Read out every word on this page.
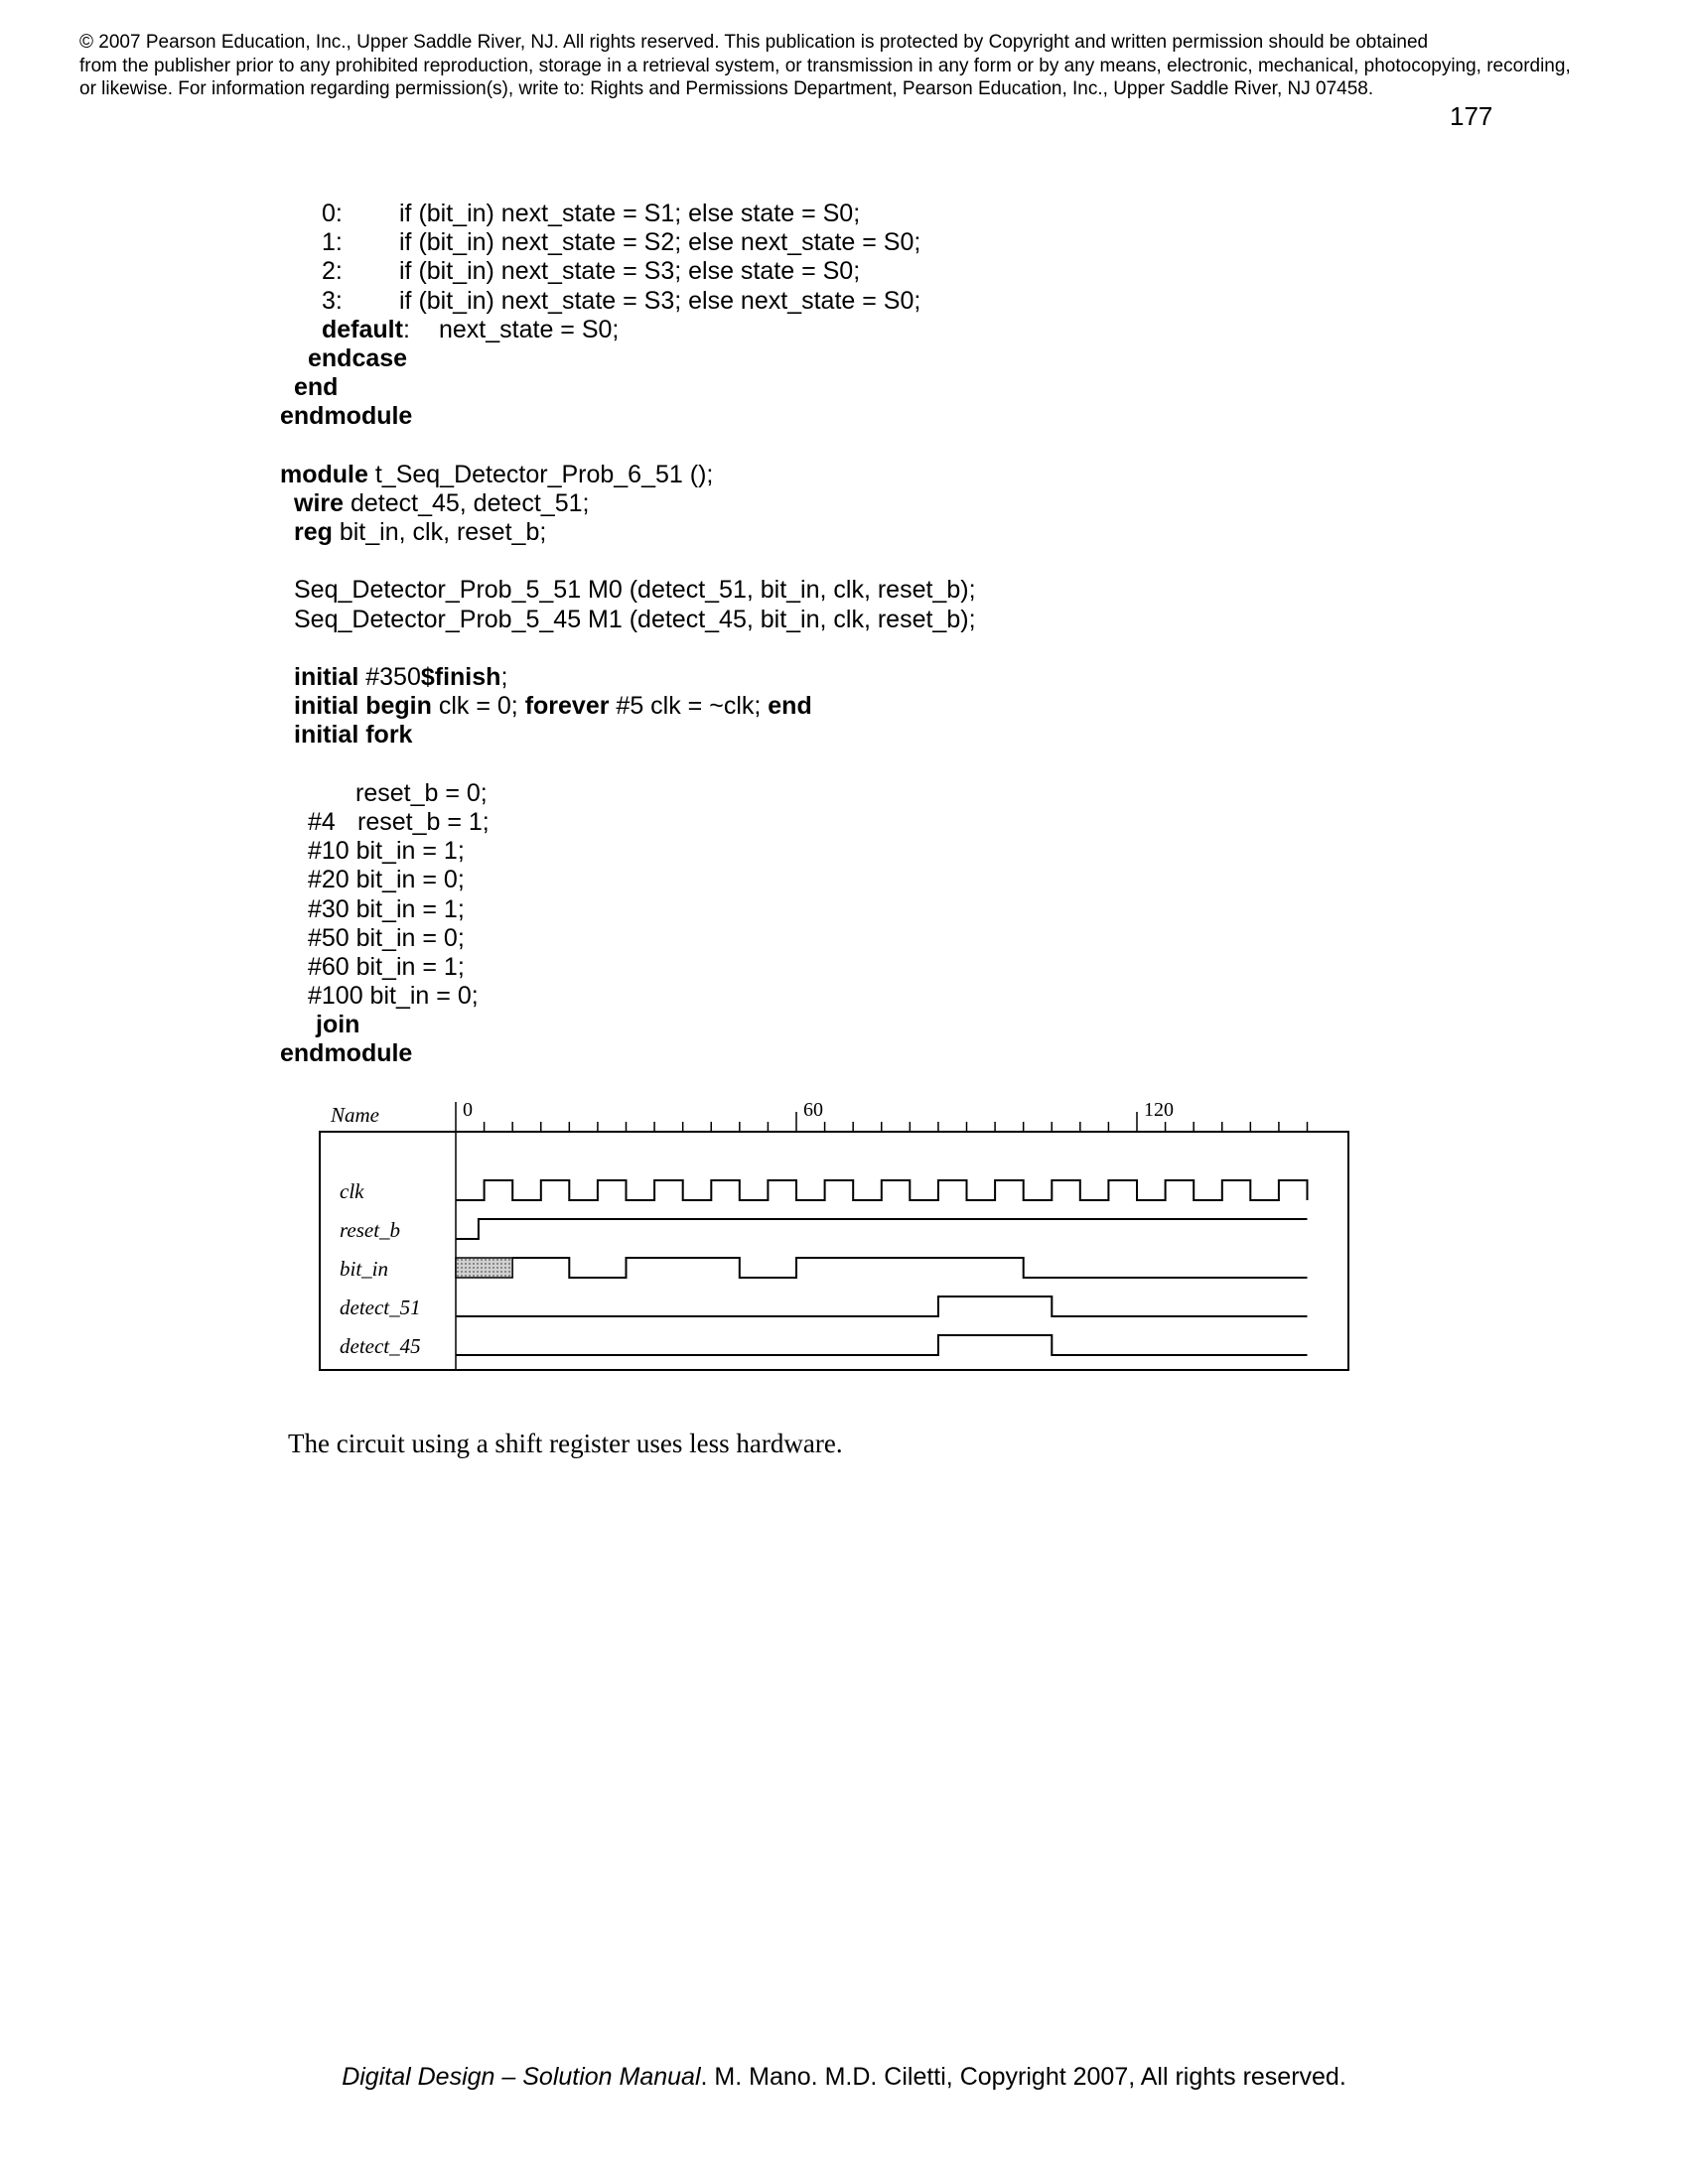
© 2007 Pearson Education, Inc., Upper Saddle River, NJ. All rights reserved. This publication is protected by Copyright and written permission should be obtained
from the publisher prior to any prohibited reproduction, storage in a retrieval system, or transmission in any form or by any means, electronic, mechanical, photocopying, recording,
or likewise. For information regarding permission(s), write to: Rights and Permissions Department, Pearson Education, Inc., Upper Saddle River, NJ 07458.
177
0: if (bit_in) next_state = S1; else state = S0;
1: if (bit_in) next_state = S2; else next_state = S0;
2: if (bit_in) next_state = S3; else state = S0;
3: if (bit_in) next_state = S3; else next_state = S0;
default: next_state = S0;
endcase
end
endmodule
module t_Seq_Detector_Prob_6_51 ();
wire detect_45, detect_51;
reg bit_in, clk, reset_b;
Seq_Detector_Prob_5_51 M0 (detect_51, bit_in, clk, reset_b);
Seq_Detector_Prob_5_45 M1 (detect_45, bit_in, clk, reset_b);
initial #350$finish;
initial begin clk = 0; forever #5 clk = ~clk; end
initial fork
reset_b = 0;
#4 reset_b = 1;
#10 bit_in = 1;
#20 bit_in = 0;
#30 bit_in = 1;
#50 bit_in = 0;
#60 bit_in = 1;
#100 bit_in = 0;
join
endmodule
Name	0	60	120
clk
reset_b
bit_in
detect_51
detect_45
The circuit using a shift register uses less hardware.
Digital Design – Solution Manual. M. Mano. M.D. Ciletti, Copyright 2007, All rights reserved.
